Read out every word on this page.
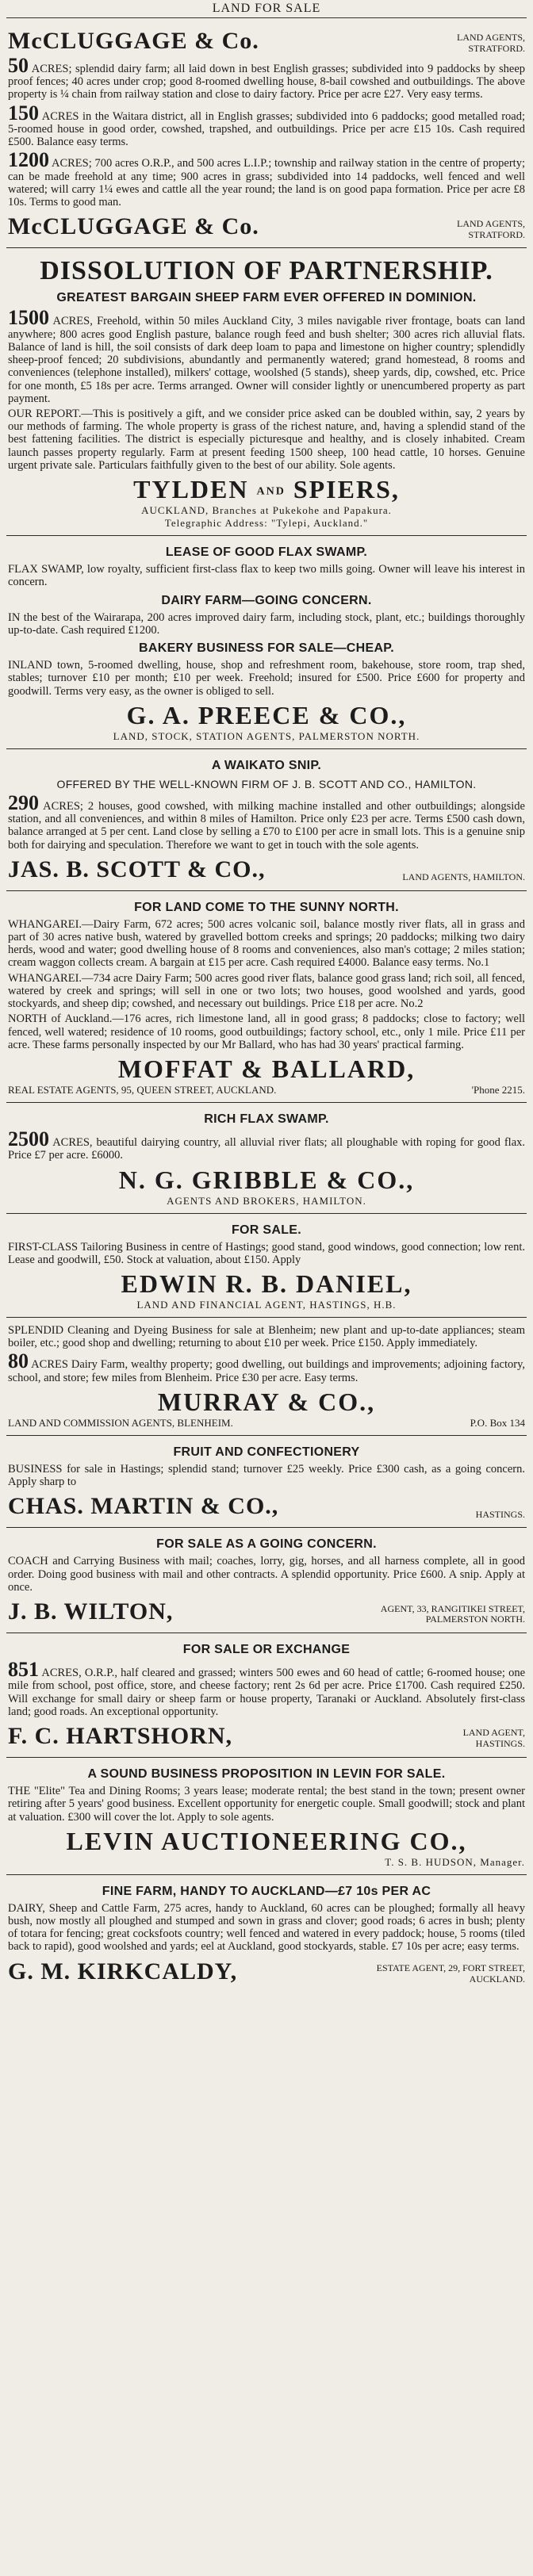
LAND FOR SALE
McCLUGGAGE & Co.	LAND AGENTS,
STRATFORD.

50 ACRES; splendid dairy farm; all laid down in best English grasses; subdivided into 9 paddocks by sheep proof fences; 40 acres under crop; good 8-roomed dwelling house, 8-bail cowshed and outbuildings. The above property is ¼ chain from railway station and close to dairy factory. Price per acre £27. Very easy terms.

150 ACRES in the Waitara district, all in English grasses; subdivided into 6 paddocks; good metalled road; 5-roomed house in good order, cowshed, trapshed, and outbuildings. Price per acre £15 10s. Cash required £500. Balance easy terms.

1200 ACRES; 700 acres O.R.P., and 500 acres L.I.P.; township and railway station in the centre of property; can be made freehold at any time; 900 acres in grass; subdivided into 14 paddocks, well fenced and well watered; will carry 1¼ ewes and cattle all the year round; the land is on good papa formation. Price per acre £8 10s. Terms to good man.

McCLUGGAGE & Co.	LAND AGENTS,
STRATFORD.
DISSOLUTION OF PARTNERSHIP.
GREATEST BARGAIN SHEEP FARM EVER OFFERED IN DOMINION.

1500 ACRES, Freehold, within 50 miles Auckland City, 3 miles navigable river frontage, boats can land anywhere; 800 acres good English pasture, balance rough feed and bush shelter; 300 acres rich alluvial flats. Balance of land is hill, the soil consists of dark deep loam to papa and limestone on higher country; splendidly sheep-proof fenced; 20 subdivisions, abundantly and permanently watered; grand homestead, 8 rooms and conveniences (telephone installed), milkers' cottage, woolshed (5 stands), sheep yards, dip, cowshed, etc. Price for one month, £5 18s per acre. Terms arranged. Owner will consider lightly or unencumbered property as part payment.

OUR REPORT.—This is positively a gift, and we consider price asked can be doubled within, say, 2 years by our methods of farming. The whole property is grass of the richest nature, and, having a splendid stand of the best fattening facilities. The district is especially picturesque and healthy, and is closely inhabited. Cream launch passes property regularly. Farm at present feeding 1500 sheep, 100 head cattle, 10 horses. Genuine urgent private sale. Particulars faithfully given to the best of our ability. Sole agents.

TYLDEN AND SPIERS,
AUCKLAND, Branches at Pukekohe and Papakura.
Telegraphic Address: "Tylepi, Auckland."
LEASE OF GOOD FLAX SWAMP.

FLAX SWAMP, low royalty, sufficient first-class flax to keep two mills going. Owner will leave his interest in concern.

DAIRY FARM—GOING CONCERN.

IN the best of the Wairarapa, 200 acres improved dairy farm, including stock, plant, etc.; buildings thoroughly up-to-date. Cash required £1200.

BAKERY BUSINESS FOR SALE—CHEAP.

INLAND town, 5-roomed dwelling, house, shop and refreshment room, bakehouse, store room, trap shed, stables; turnover £10 per month; £10 per week. Freehold; insured for £500. Price £600 for property and goodwill. Terms very easy, as the owner is obliged to sell.

G. A. PREECE & CO.,
LAND, STOCK, STATION AGENTS, PALMERSTON NORTH.
A WAIKATO SNIP.
OFFERED BY THE WELL-KNOWN FIRM OF J. B. SCOTT AND CO., HAMILTON.

290 ACRES; 2 houses, good cowshed, with milking machine installed and other outbuildings; alongside station, and all conveniences, and within 8 miles of Hamilton. Price only £23 per acre. Terms £500 cash down, balance arranged at 5 per cent. Land close by selling a £70 to £100 per acre in small lots. This is a genuine snip both for dairying and speculation. Therefore we want to get in touch with the sole agents.

JAS. B. SCOTT & CO.,	LAND AGENTS, HAMILTON.
FOR LAND COME TO THE SUNNY NORTH.

WHANGAREI.—Dairy Farm, 672 acres; 500 acres volcanic soil, balance mostly river flats, all in grass and part of 30 acres native bush, watered by gravelled bottom creeks and springs; 20 paddocks; milking two dairy herds, wood and water; good dwelling house of 8 rooms and conveniences, also man's cottage; 2 miles station; cream waggon collects cream. A bargain at £15 per acre. Cash required £4000. Balance easy terms. No.1

WHANGAREI.—734 acre Dairy Farm; 500 acres good river flats, balance good grass land; rich soil, all fenced, watered by creek and springs; will sell in one or two lots; two houses, good woolshed and yards, good stockyards, and sheep dip; cowshed, and necessary out buildings. Price £18 per acre. No.2

NORTH of Auckland.—176 acres, rich limestone land, all in good grass; 8 paddocks; close to factory; well fenced, well watered; residence of 10 rooms, good outbuildings; factory school, etc., only 1 mile. Price £11 per acre. These farms personally inspected by our Mr Ballard, who has had 30 years' practical farming.

MOFFAT & BALLARD,
REAL ESTATE AGENTS, 95, QUEEN STREET, AUCKLAND.	'Phone 2215.
RICH FLAX SWAMP.

2500 ACRES, beautiful dairying country, all alluvial river flats; all ploughable with roping for good flax. Price £7 per acre. £6000.

N. G. GRIBBLE & CO.,
AGENTS AND BROKERS, HAMILTON.
FOR SALE.

FIRST-CLASS Tailoring Business in centre of Hastings; good stand, good windows, good connection; low rent. Lease and goodwill, £50. Stock at valuation, about £150. Apply

EDWIN R. B. DANIEL,
LAND AND FINANCIAL AGENT, HASTINGS, H.B.

SPLENDID Cleaning and Dyeing Business for sale at Blenheim; new plant and up-to-date appliances; steam boiler, etc.; good shop and dwelling; returning to about £10 per week. Price £150. Apply immediately.

80 ACRES Dairy Farm, wealthy property; good dwelling, out buildings and improvements; adjoining factory, school, and store; few miles from Blenheim. Price £30 per acre. Easy terms.

MURRAY & CO.,
LAND AND COMMISSION AGENTS, BLENHEIM.	P.O. Box 134
FRUIT AND CONFECTIONERY

BUSINESS for sale in Hastings; splendid stand; turnover £25 weekly. Price £300 cash, as a going concern. Apply sharp to

CHAS. MARTIN & CO.,	HASTINGS.
FOR SALE AS A GOING CONCERN.

COACH and Carrying Business with mail; coaches, lorry, gig, horses, and all harness complete, all in good order. Doing good business with mail and other contracts. A splendid opportunity. Price £600. A snip. Apply at once.

J. B. WILTON,	AGENT, 33, RANGITIKEI STREET, PALMERSTON NORTH.
FOR SALE OR EXCHANGE

851 ACRES, O.R.P., half cleared and grassed; winters 500 ewes and 60 head of cattle; 6-roomed house; one mile from school, post office, store, and cheese factory; rent 2s 6d per acre. Price £1700. Cash required £250. Will exchange for small dairy or sheep farm or house property, Taranaki or Auckland. Absolutely first-class land; good roads. An exceptional opportunity.

F. C. HARTSHORN,	LAND AGENT,
HASTINGS.
A SOUND BUSINESS PROPOSITION IN LEVIN FOR SALE.

THE "Elite" Tea and Dining Rooms; 3 years lease; moderate rental; the best stand in the town; present owner retiring after 5 years' good business. Excellent opportunity for energetic couple. Small goodwill; stock and plant at valuation. £300 will cover the lot. Apply to sole agents.

LEVIN AUCTIONEERING CO.,
T. S. B. HUDSON, Manager.
FINE FARM, HANDY TO AUCKLAND—£7 10s PER AC

DAIRY, Sheep and Cattle Farm, 275 acres, handy to Auckland, 60 acres can be ploughed; formally all heavy bush, now mostly all ploughed and stumped and sown in grass and clover; good roads; 6 acres in bush; plenty of totara for fencing; great cocksfoots country; well fenced and watered in every paddock; house, 5 rooms (tiled back to rapid), good woolshed and yards; eel at Auckland, good stockyards, stable. £7 10s per acre; easy terms.

G. M. KIRKCALDY,	ESTATE AGENT, 29, FORT STREET, AUCKLAND.
